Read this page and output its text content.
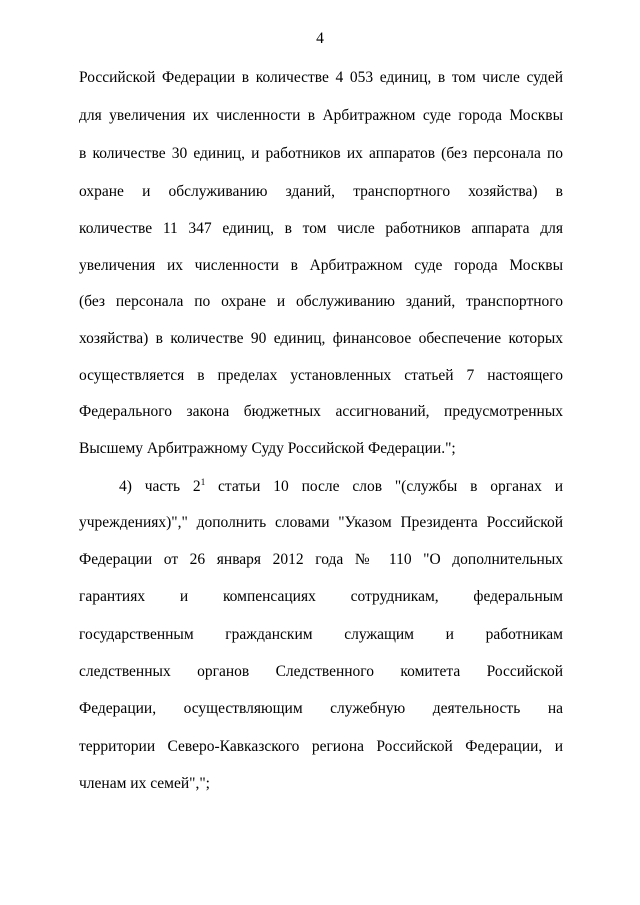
4
Российской Федерации в количестве 4 053 единиц, в том числе судей
для увеличения их численности в Арбитражном суде города Москвы
в количестве 30 единиц, и работников их аппаратов (без персонала по
охране и обслуживанию зданий, транспортного хозяйства) в
количестве 11 347 единиц, в том числе работников аппарата для
увеличения их численности в Арбитражном суде города Москвы
(без персонала по охране и обслуживанию зданий, транспортного
хозяйства) в количестве 90 единиц, финансовое обеспечение которых
осуществляется в пределах установленных статьей 7 настоящего
Федерального закона бюджетных ассигнований, предусмотренных
Высшему Арбитражному Суду Российской Федерации.";
4) часть $2^1$ статьи 10 после слов "(службы в органах и
учреждениях)"," дополнить словами "Указом Президента Российской
Федерации от 26 января 2012 года № 110 "О дополнительных
гарантиях и компенсациях сотрудникам, федеральным
государственным гражданским служащим и работникам
следственных органов Следственного комитета Российской
Федерации, осуществляющим служебную деятельность на
территории Северо-Кавказского региона Российской Федерации, и
членам их семей",";
